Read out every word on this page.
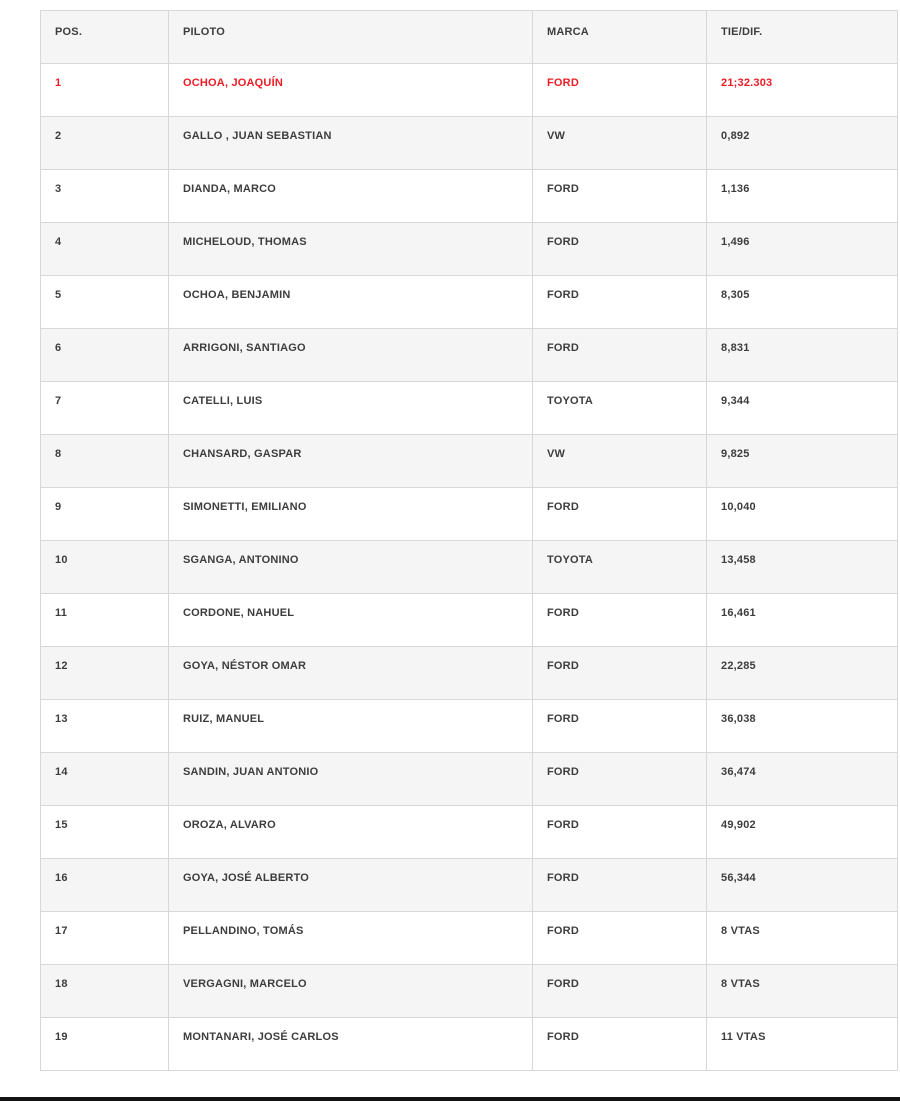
POS.	PILOTO	MARCA	TIE/DIF.
1	OCHOA, JOAQUÍN	FORD	21;32.303
2	GALLO , JUAN SEBASTIAN	VW	0,892
3	DIANDA, MARCO	FORD	1,136
4	MICHELOUD, THOMAS	FORD	1,496
5	OCHOA, BENJAMIN	FORD	8,305
6	ARRIGONI, SANTIAGO	FORD	8,831
7	CATELLI, LUIS	TOYOTA	9,344
8	CHANSARD, GASPAR	VW	9,825
9	SIMONETTI, EMILIANO	FORD	10,040
10	SGANGA, ANTONINO	TOYOTA	13,458
11	CORDONE, NAHUEL	FORD	16,461
12	GOYA, NÉSTOR OMAR	FORD	22,285
13	RUIZ, MANUEL	FORD	36,038
14	SANDIN, JUAN ANTONIO	FORD	36,474
15	OROZA, ALVARO	FORD	49,902
16	GOYA, JOSÉ ALBERTO	FORD	56,344
17	PELLANDINO, TOMÁS	FORD	8 VTAS
18	VERGAGNI, MARCELO	FORD	8 VTAS
19	MONTANARI, JOSÉ CARLOS	FORD	11 VTAS
